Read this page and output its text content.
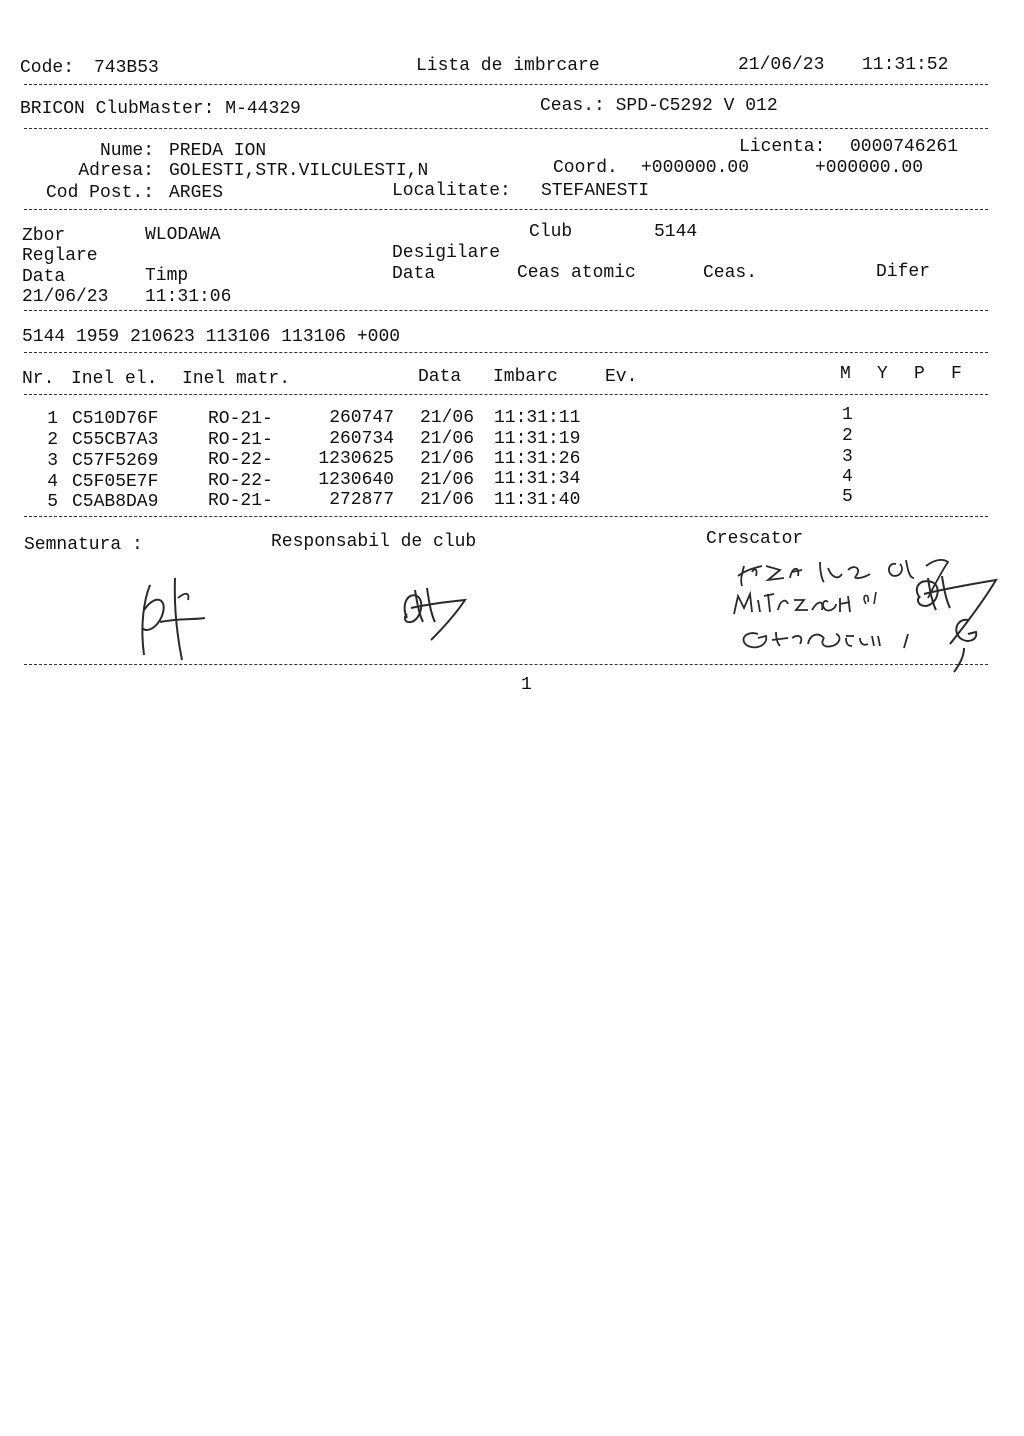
Code: 743B53	Lista de imbrcare	21/06/23 11:31:52
BRICON ClubMaster: M-44329	Ceas.: SPD-C5292 V 012
Nume: PREDA ION	Licenta: 0000746261
Adresa: GOLESTI,STR.VILCULESTI,N	Coord. +000000.00	+000000.00
Cod Post.: ARGES	Localitate: STEFANESTI
Zbor	WLODAWA	Club	5144
Reglare	Desigilare
Data	Timp	Data	Ceas atomic	Ceas.	Difer
21/06/23 11:31:06
5144 1959 210623 113106 113106 +000
Nr. Inel el. Inel matr.	Data Imbarc	Ev.	M Y P F
1 C510D76F	RO-21-	260747 21/06 11:31:11	1
2 C55CB7A3	RO-21-	260734 21/06 11:31:19	2
3 C57F5269	RO-22-	1230625 21/06 11:31:26	3
4 C5F05E7F	RO-22-	1230640 21/06 11:31:34	4
5 C5AB8DA9	RO-21-	272877 21/06 11:31:40	5
Semnatura :	Responsabil de club	Crescator
1
